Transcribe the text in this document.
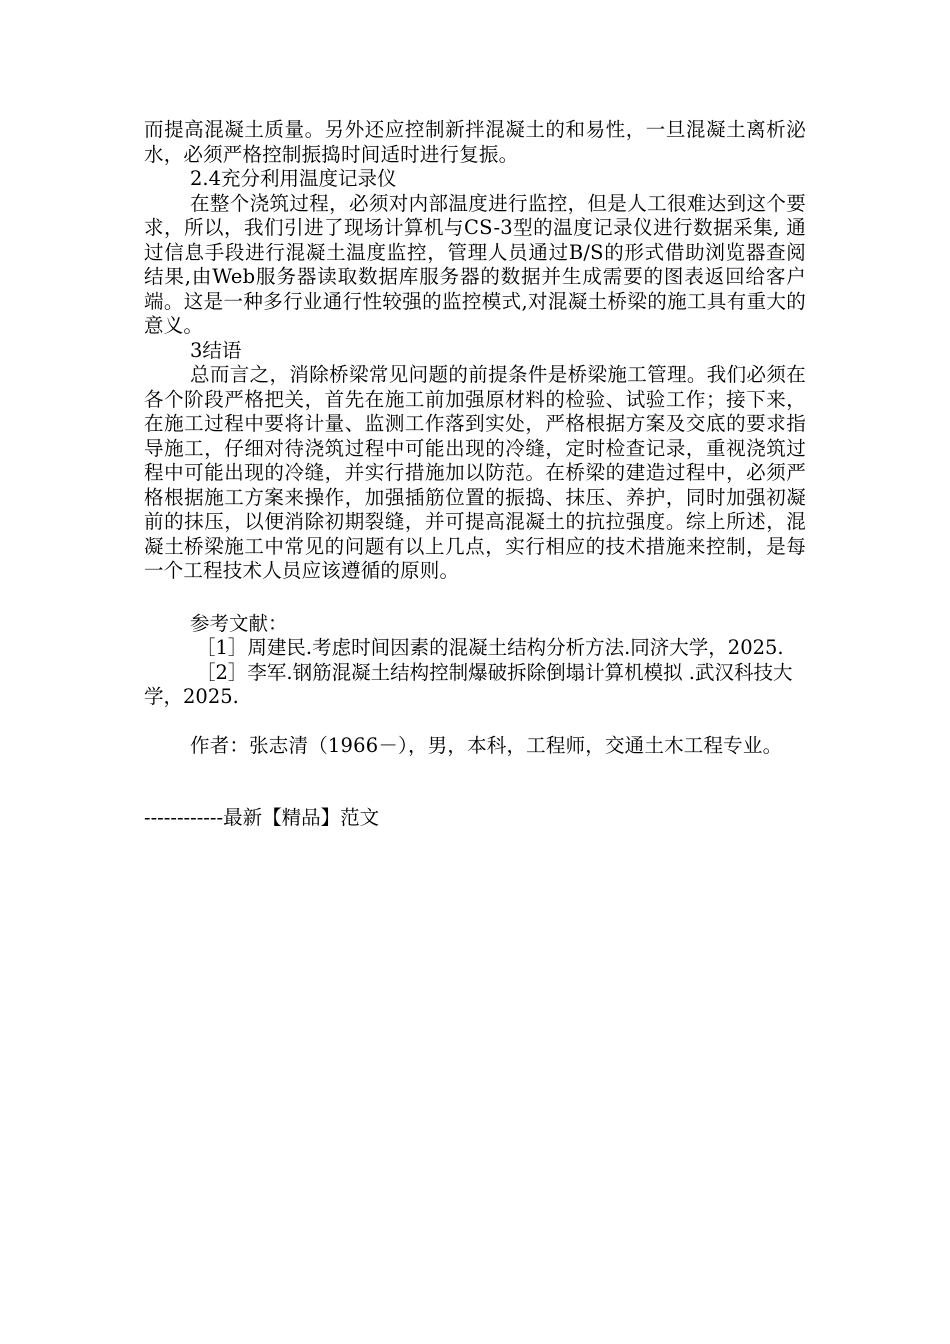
而提高混凝土质量。另外还应控制新拌混凝土的和易性，一旦混凝土离析泌水，必须严格控制振捣时间适时进行复振。

2.4充分利用温度记录仪

在整个浇筑过程，必须对内部温度进行监控，但是人工很难达到这个要求，所以，我们引进了现场计算机与CS-3型的温度记录仪进行数据采集, 通过信息手段进行混凝土温度监控，管理人员通过B/S的形式借助浏览器查阅结果,由Web服务器读取数据库服务器的数据并生成需要的图表返回给客户端。这是一种多行业通行性较强的监控模式,对混凝土桥梁的施工具有重大的意义。

3结语

总而言之，消除桥梁常见问题的前提条件是桥梁施工管理。我们必须在各个阶段严格把关，首先在施工前加强原材料的检验、试验工作；接下来，在施工过程中要将计量、监测工作落到实处，严格根据方案及交底的要求指导施工，仔细对待浇筑过程中可能出现的冷缝，定时检查记录，重视浇筑过程中可能出现的冷缝，并实行措施加以防范。在桥梁的建造过程中，必须严格根据施工方案来操作，加强插筋位置的振捣、抹压、养护，同时加强初凝前的抹压，以便消除初期裂缝，并可提高混凝土的抗拉强度。综上所述，混凝土桥梁施工中常见的问题有以上几点，实行相应的技术措施来控制，是每一个工程技术人员应该遵循的原则。

参考文献：

［1］周建民.考虑时间因素的混凝土结构分析方法.同济大学，2025.

［2］李军.钢筋混凝土结构控制爆破拆除倒塌计算机模拟 .武汉科技大学，2025.

作者：张志清（1966－），男，本科，工程师，交通土木工程专业。

------------最新【精品】范文
